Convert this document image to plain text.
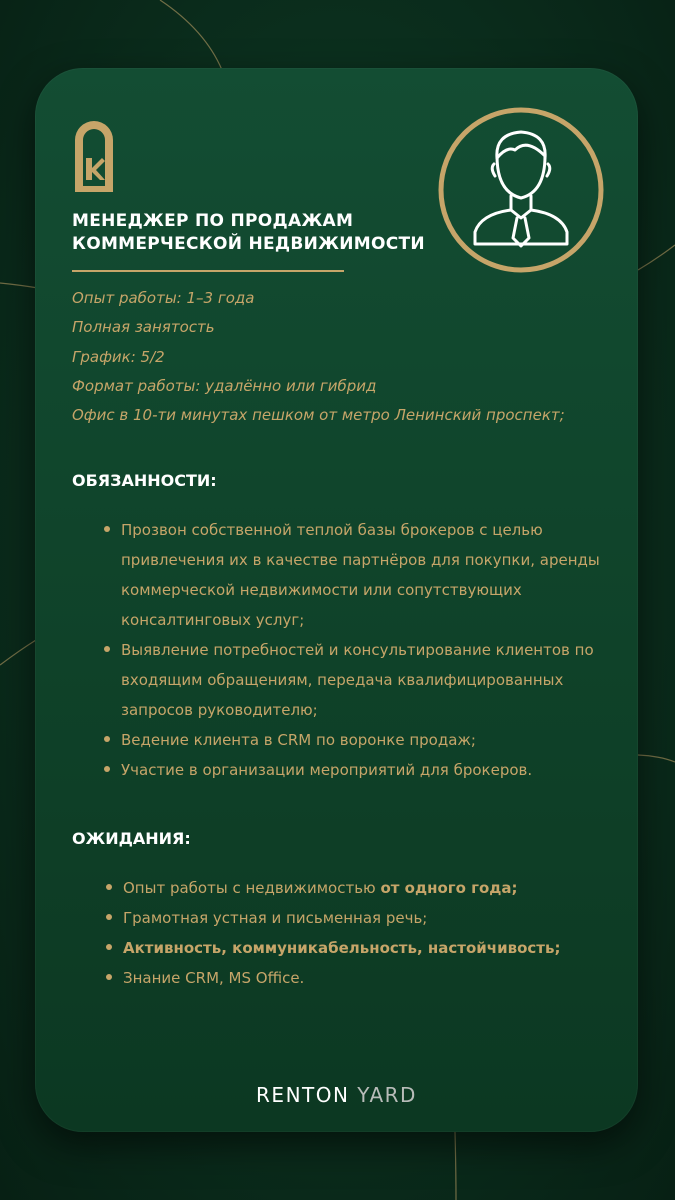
МЕНЕДЖЕР ПО ПРОДАЖАМ
КОММЕРЧЕСКОЙ НЕДВИЖИМОСТИ
Опыт работы: 1–3 года
Полная занятость
График: 5/2
Формат работы: удалённо или гибрид
Офис в 10-ти минутах пешком от метро Ленинский проспект;
ОБЯЗАННОСТИ:
Прозвон собственной теплой базы брокеров с целью привлечения их в качестве партнёров для покупки, аренды коммерческой недвижимости или сопутствующих консалтинговых услуг;
Выявление потребностей и консультирование клиентов по входящим обращениям, передача квалифицированных запросов руководителю;
Ведение клиента в CRM по воронке продаж;
Участие в организации мероприятий для брокеров.
ОЖИДАНИЯ:
Опыт работы с недвижимостью от одного года;
Грамотная устная и письменная речь;
Активность, коммуникабельность, настойчивость;
Знание CRM, MS Office.
RENTON YARD
